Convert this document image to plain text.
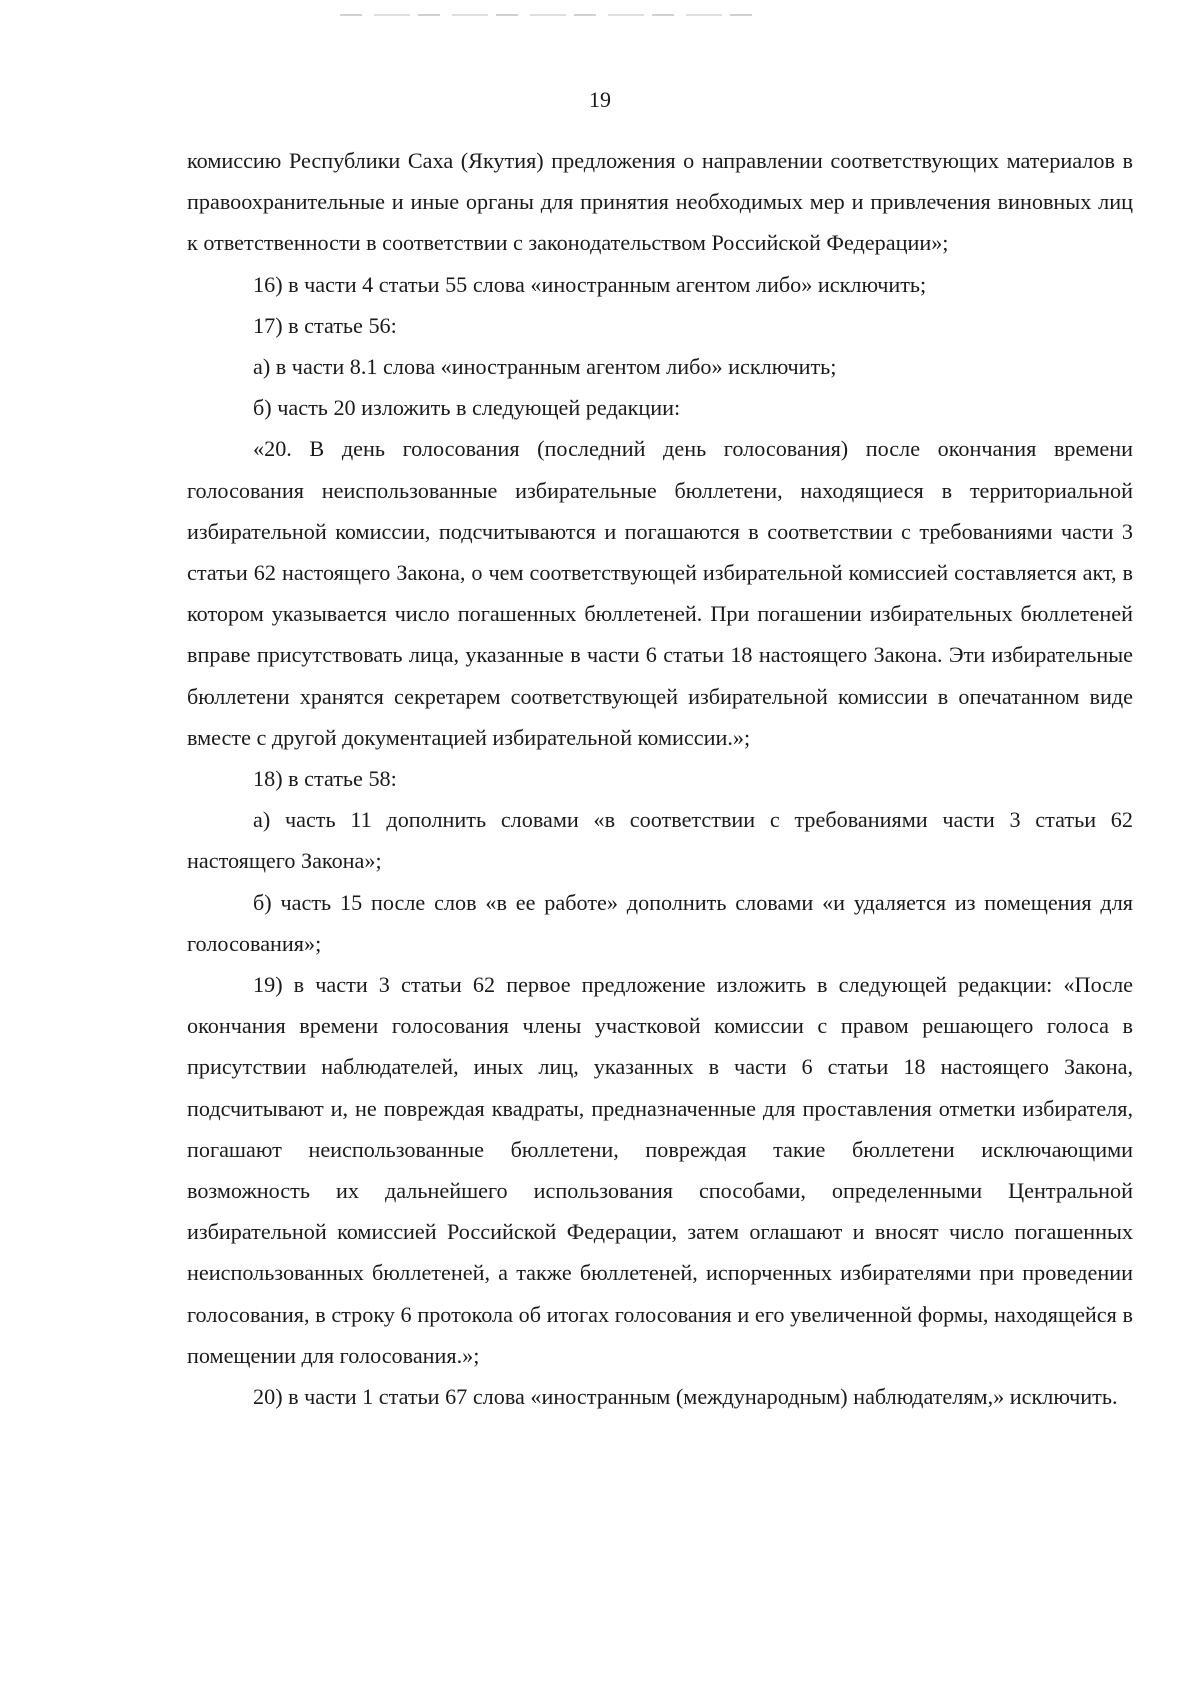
19

комиссию Республики Саха (Якутия) предложения о направлении соответствующих материалов в правоохранительные и иные органы для принятия необходимых мер и привлечения виновных лиц к ответственности в соответствии с законодательством Российской Федерации»;

16) в части 4 статьи 55 слова «иностранным агентом либо» исключить;

17) в статье 56:

а) в части 8.1 слова «иностранным агентом либо» исключить;

б) часть 20 изложить в следующей редакции:

«20. В день голосования (последний день голосования) после окончания времени голосования неиспользованные избирательные бюллетени, находящиеся в территориальной избирательной комиссии, подсчитываются и погашаются в соответствии с требованиями части 3 статьи 62 настоящего Закона, о чем соответствующей избирательной комиссией составляется акт, в котором указывается число погашенных бюллетеней. При погашении избирательных бюллетеней вправе присутствовать лица, указанные в части 6 статьи 18 настоящего Закона. Эти избирательные бюллетени хранятся секретарем соответствующей избирательной комиссии в опечатанном виде вместе с другой документацией избирательной комиссии.»;

18) в статье 58:

а) часть 11 дополнить словами «в соответствии с требованиями части 3 статьи 62 настоящего Закона»;

б) часть 15 после слов «в ее работе» дополнить словами «и удаляется из помещения для голосования»;

19) в части 3 статьи 62 первое предложение изложить в следующей редакции: «После окончания времени голосования члены участковой комиссии с правом решающего голоса в присутствии наблюдателей, иных лиц, указанных в части 6 статьи 18 настоящего Закона, подсчитывают и, не повреждая квадраты, предназначенные для проставления отметки избирателя, погашают неиспользованные бюллетени, повреждая такие бюллетени исключающими возможность их дальнейшего использования способами, определенными Центральной избирательной комиссией Российской Федерации, затем оглашают и вносят число погашенных неиспользованных бюллетеней, а также бюллетеней, испорченных избирателями при проведении голосования, в строку 6 протокола об итогах голосования и его увеличенной формы, находящейся в помещении для голосования.»;

20) в части 1 статьи 67 слова «иностранным (международным) наблюдателям,» исключить.
